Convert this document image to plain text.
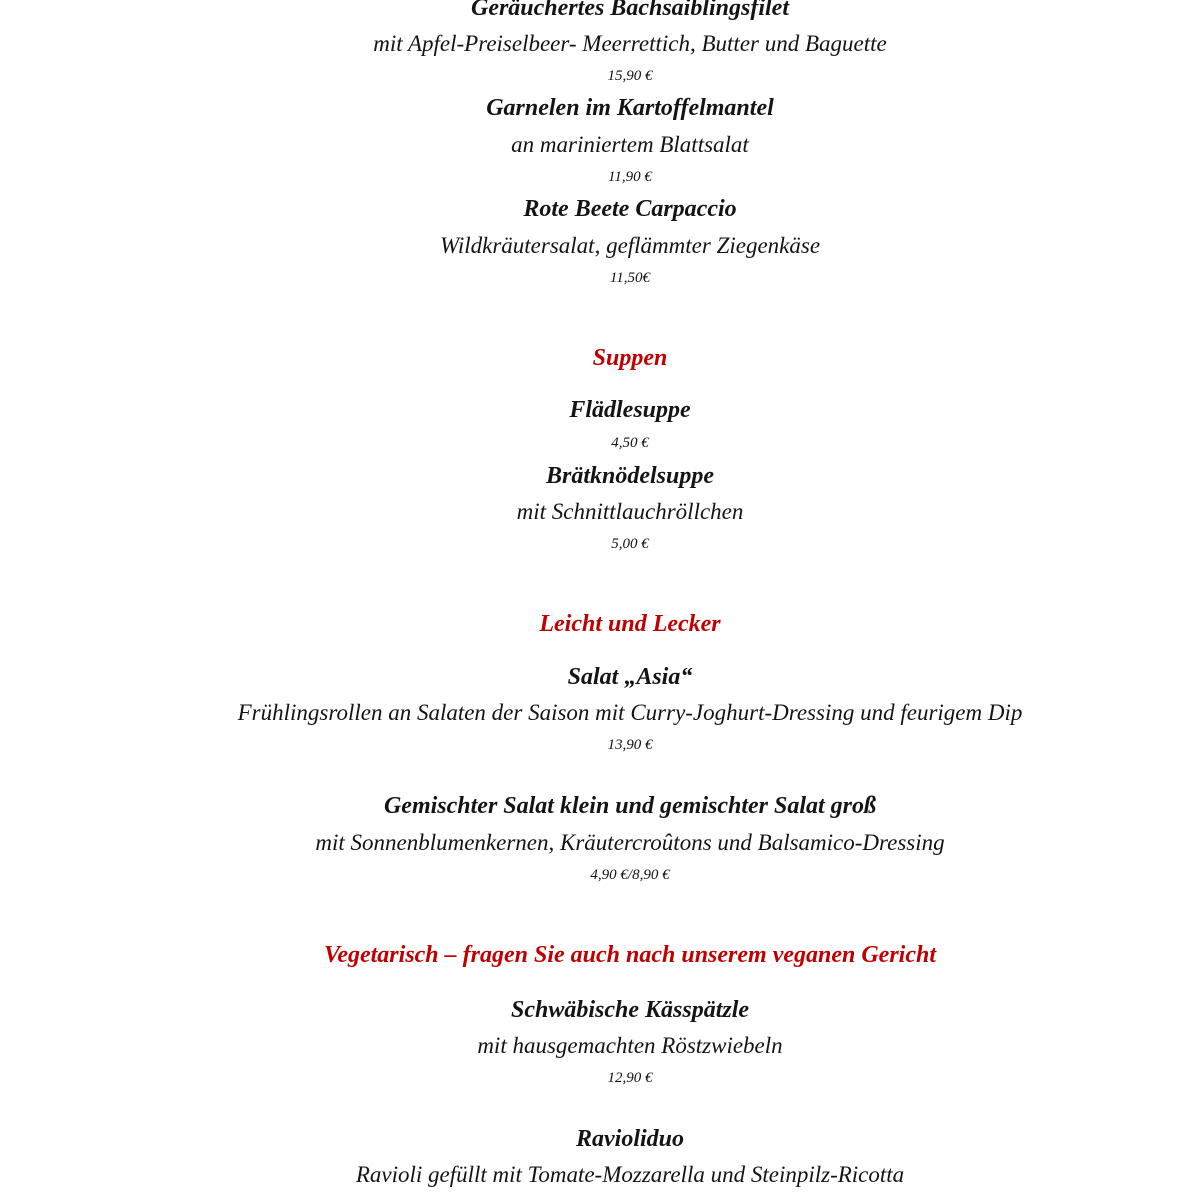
Geräuchertes Bachsaiblingsfilet
mit Apfel-Preiselbeer- Meerrettich, Butter und Baguette
15,90 €
Garnelen im Kartoffelmantel
an mariniertem Blattsalat
11,90 €
Rote Beete Carpaccio
Wildkräutersalat, geflämmter Ziegenkäse
11,50€
Suppen
Flädlesuppe
4,50 €
Brätknödelsuppe
mit Schnittlauchröllchen
5,00 €
Leicht und Lecker
Salat „Asia“
Frühlingsrollen an Salaten der Saison mit Curry-Joghurt-Dressing und feurigem Dip
13,90 €
Gemischter Salat klein und gemischter Salat groß
mit Sonnenblumenkernen, Kräutercroûtons und Balsamico-Dressing
4,90 €/8,90 €
Vegetarisch – fragen Sie auch nach unserem veganen Gericht
Schwäbische Kässpätzle
mit hausgemachten Röstzwiebeln
12,90 €
Ravioliduo
Ravioli gefüllt mit Tomate-Mozzarella und Steinpilz-Ricotta
